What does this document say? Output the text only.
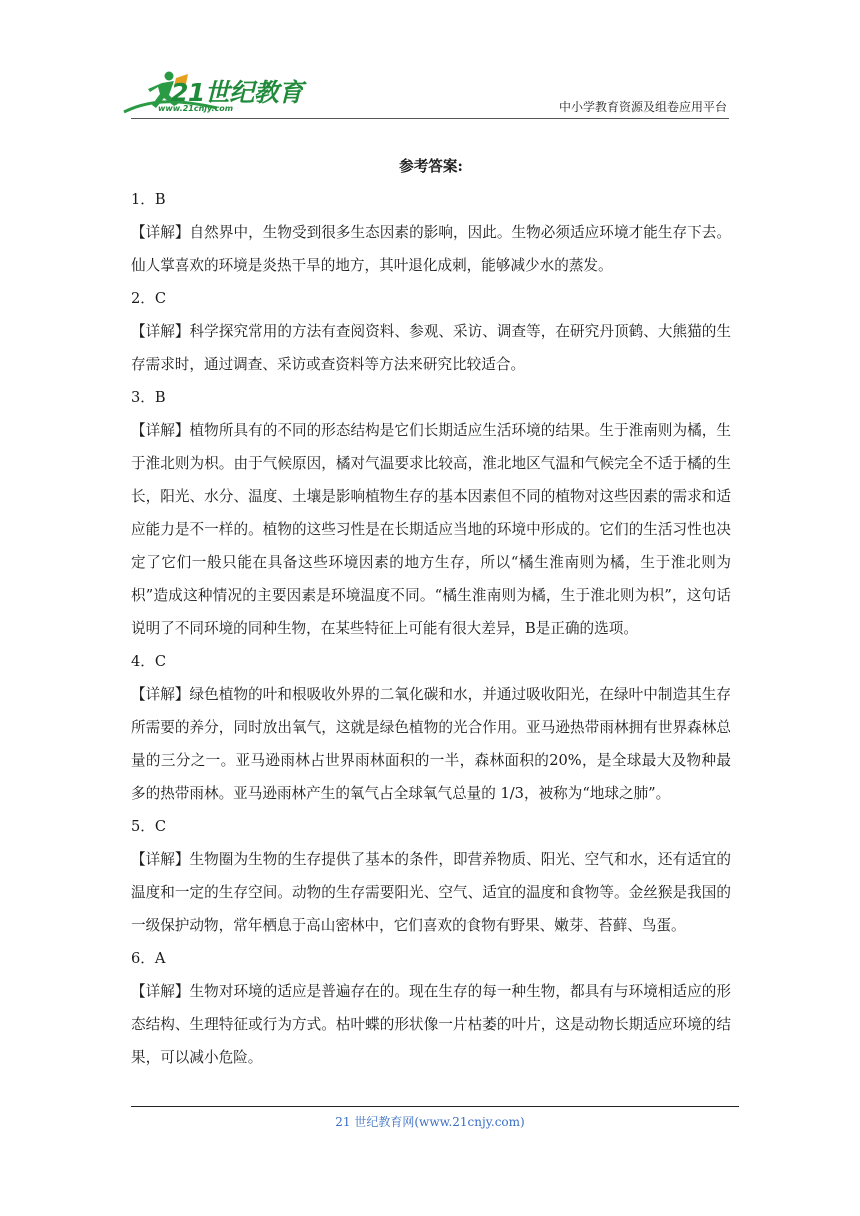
21世纪教育
www.21cnjy.com	中小学教育资源及组卷应用平台
参考答案:
1．B
【详解】自然界中，生物受到很多生态因素的影响，因此。生物必须适应环境才能生存下去。仙人掌喜欢的环境是炎热干旱的地方，其叶退化成刺，能够减少水的蒸发。
2．C
【详解】科学探究常用的方法有查阅资料、参观、采访、调查等，在研究丹顶鹤、大熊猫的生存需求时，通过调查、采访或查资料等方法来研究比较适合。
3．B
【详解】植物所具有的不同的形态结构是它们长期适应生活环境的结果。生于淮南则为橘，生于淮北则为枳。由于气候原因，橘对气温要求比较高，淮北地区气温和气候完全不适于橘的生长，阳光、水分、温度、土壤是影响植物生存的基本因素但不同的植物对这些因素的需求和适应能力是不一样的。植物的这些习性是在长期适应当地的环境中形成的。它们的生活习性也决定了它们一般只能在具备这些环境因素的地方生存，所以“橘生淮南则为橘，生于淮北则为枳”造成这种情况的主要因素是环境温度不同。“橘生淮南则为橘，生于淮北则为枳”，这句话说明了不同环境的同种生物，在某些特征上可能有很大差异，B是正确的选项。
4．C
【详解】绿色植物的叶和根吸收外界的二氧化碳和水，并通过吸收阳光，在绿叶中制造其生存所需要的养分，同时放出氧气，这就是绿色植物的光合作用。亚马逊热带雨林拥有世界森林总量的三分之一。亚马逊雨林占世界雨林面积的一半，森林面积的20%，是全球最大及物种最多的热带雨林。亚马逊雨林产生的氧气占全球氧气总量的 1/3，被称为“地球之肺”。
5．C
【详解】生物圈为生物的生存提供了基本的条件，即营养物质、阳光、空气和水，还有适宜的温度和一定的生存空间。动物的生存需要阳光、空气、适宜的温度和食物等。金丝猴是我国的一级保护动物，常年栖息于高山密林中，它们喜欢的食物有野果、嫩芽、苔藓、鸟蛋。
6．A
【详解】生物对环境的适应是普遍存在的。现在生存的每一种生物，都具有与环境相适应的形态结构、生理特征或行为方式。枯叶蝶的形状像一片枯萎的叶片，这是动物长期适应环境的结果，可以减小危险。
21 世纪教育网(www.21cnjy.com)
